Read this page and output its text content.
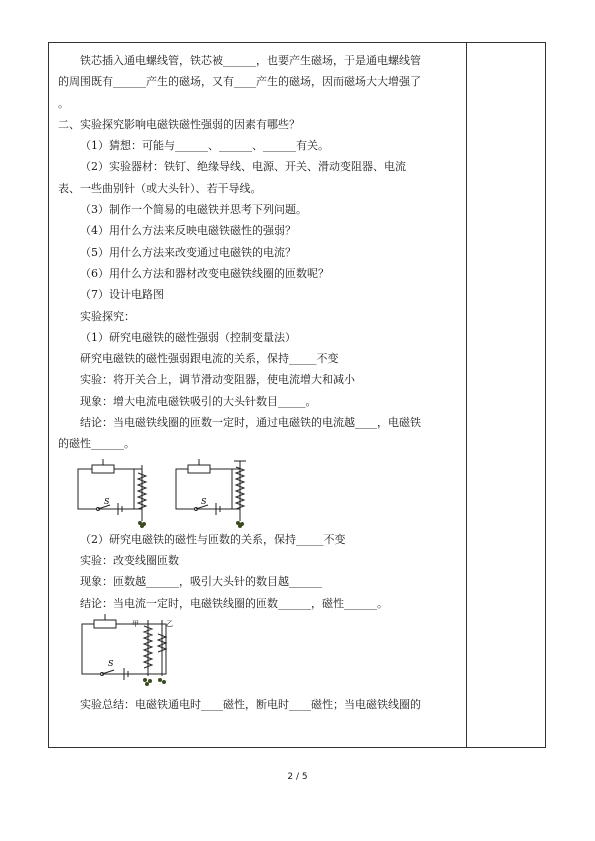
铁芯插入通电螺线管，铁芯被______，也要产生磁场，于是通电螺线管
的周围既有______产生的磁场，又有____产生的磁场，因而磁场大大增强了
。
二、实验探究影响电磁铁磁性强弱的因素有哪些？
（1）猜想：可能与______、______、______有关。
（2）实验器材：铁钉、绝缘导线、电源、开关、滑动变阻器、电流
表、一些曲别针（或大头针）、若干导线。
（3）制作一个简易的电磁铁并思考下列问题。
（4）用什么方法来反映电磁铁磁性的强弱？
（5）用什么方法来改变通过电磁铁的电流？
（6）用什么方法和器材改变电磁铁线圈的匝数呢？
（7）设计电路图
实验探究：
（1）研究电磁铁的磁性强弱（控制变量法）
研究电磁铁的磁性强弱跟电流的关系，保持_____不变
实验：将开关合上，调节滑动变阻器，使电流增大和减小
现象：增大电流电磁铁吸引的大头针数目_____。
结论：当电磁铁线圈的匝数一定时，通过电磁铁的电流越____，电磁铁
的磁性______。
S	S
（2）研究电磁铁的磁性与匝数的关系，保持_____不变
实验：改变线圈匝数
现象：匝数越______，吸引大头针的数目越______
结论：当电流一定时，电磁铁线圈的匝数______，磁性______。
S
甲	乙
实验总结：电磁铁通电时____磁性，断电时____磁性；当电磁铁线圈的
2 / 5
